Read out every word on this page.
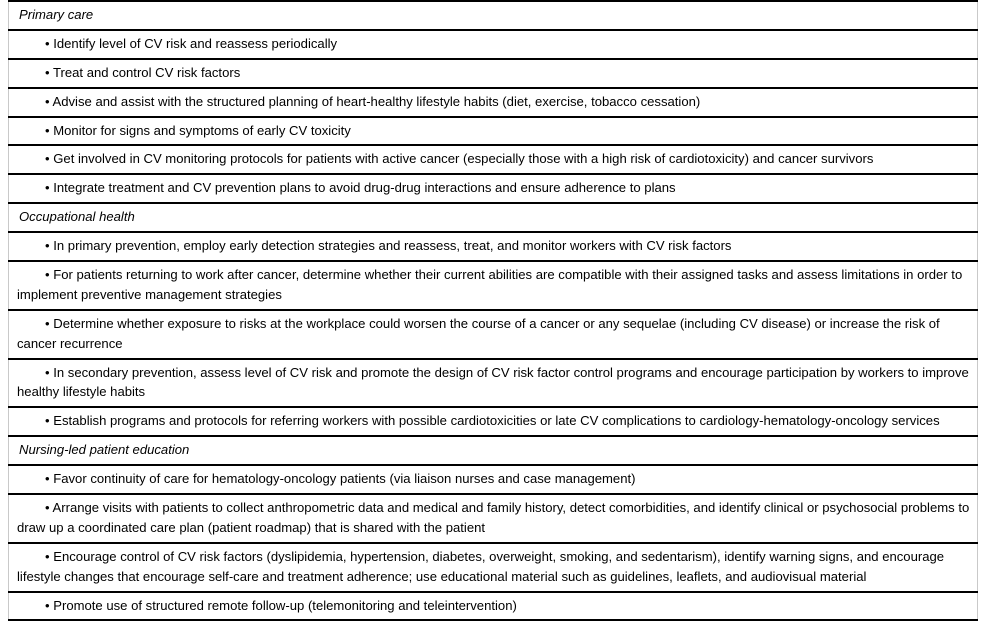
Primary care
• Identify level of CV risk and reassess periodically
• Treat and control CV risk factors
• Advise and assist with the structured planning of heart-healthy lifestyle habits (diet, exercise, tobacco cessation)
• Monitor for signs and symptoms of early CV toxicity
• Get involved in CV monitoring protocols for patients with active cancer (especially those with a high risk of cardiotoxicity) and cancer survivors
• Integrate treatment and CV prevention plans to avoid drug-drug interactions and ensure adherence to plans
Occupational health
• In primary prevention, employ early detection strategies and reassess, treat, and monitor workers with CV risk factors
• For patients returning to work after cancer, determine whether their current abilities are compatible with their assigned tasks and assess limitations in order to implement preventive management strategies
• Determine whether exposure to risks at the workplace could worsen the course of a cancer or any sequelae (including CV disease) or increase the risk of cancer recurrence
• In secondary prevention, assess level of CV risk and promote the design of CV risk factor control programs and encourage participation by workers to improve healthy lifestyle habits
• Establish programs and protocols for referring workers with possible cardiotoxicities or late CV complications to cardiology-hematology-oncology services
Nursing-led patient education
• Favor continuity of care for hematology-oncology patients (via liaison nurses and case management)
• Arrange visits with patients to collect anthropometric data and medical and family history, detect comorbidities, and identify clinical or psychosocial problems to draw up a coordinated care plan (patient roadmap) that is shared with the patient
• Encourage control of CV risk factors (dyslipidemia, hypertension, diabetes, overweight, smoking, and sedentarism), identify warning signs, and encourage lifestyle changes that encourage self-care and treatment adherence; use educational material such as guidelines, leaflets, and audiovisual material
• Promote use of structured remote follow-up (telemonitoring and teleintervention)
